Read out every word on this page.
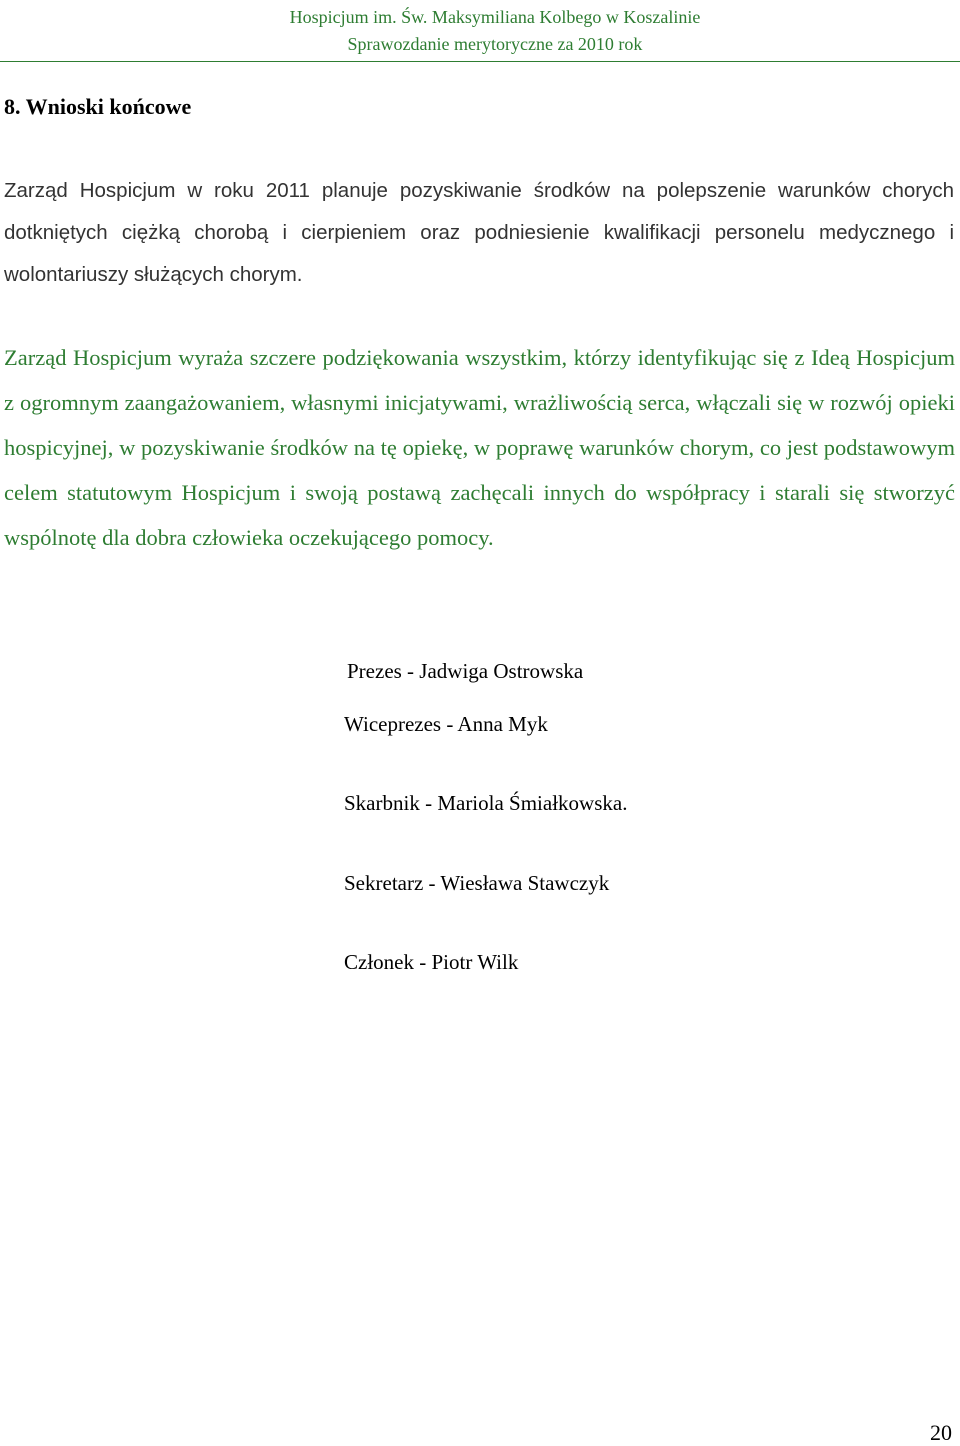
Hospicjum im. Św. Maksymiliana Kolbego w Koszalinie
Sprawozdanie merytoryczne za 2010 rok
8. Wnioski końcowe

Zarząd Hospicjum w roku 2011 planuje pozyskiwanie środków na polepszenie warunków chorych dotkniętych ciężką chorobą i cierpieniem oraz podniesienie kwalifikacji personelu medycznego i wolontariuszy służących chorym.

Zarząd Hospicjum wyraża szczere podziękowania wszystkim, którzy identyfikując się z Ideą Hospicjum z ogromnym zaangażowaniem, własnymi inicjatywami, wrażliwością serca, włączali się w rozwój opieki hospicyjnej, w pozyskiwanie środków na tę opiekę, w poprawę warunków chorym, co jest podstawowym celem statutowym Hospicjum i swoją postawą zachęcali innych do współpracy i starali się stworzyć wspólnotę dla dobra człowieka oczekującego pomocy.

Prezes - Jadwiga Ostrowska
Wiceprezes - Anna Myk
Skarbnik - Mariola Śmiałkowska.
Sekretarz - Wiesława Stawczyk
Członek - Piotr Wilk
20
